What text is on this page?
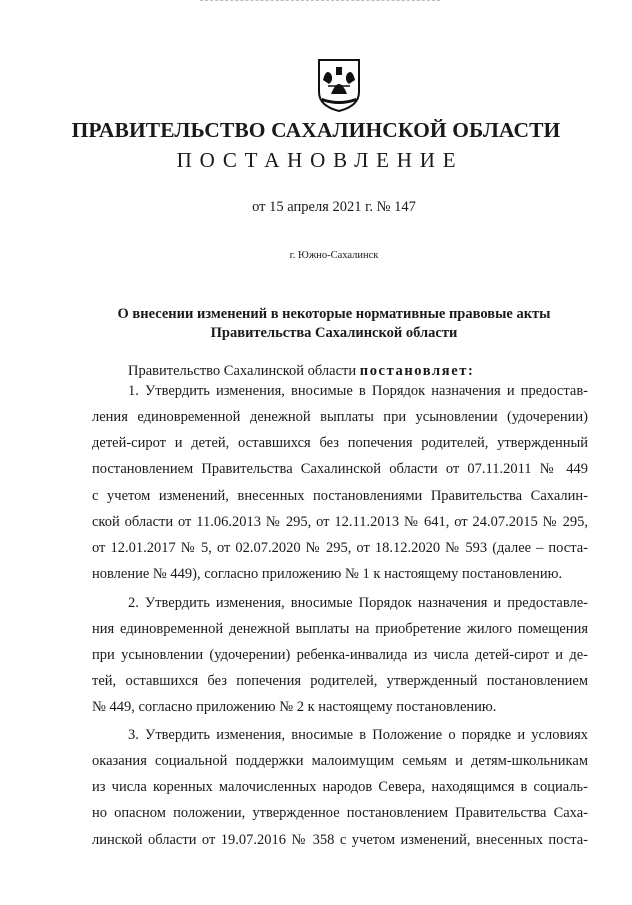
ПРАВИТЕЛЬСТВО САХАЛИНСКОЙ ОБЛАСТИ
ПОСТАНОВЛЕНИЕ
от 15 апреля 2021 г. № 147
г. Южно-Сахалинск
О внесении изменений в некоторые нормативные правовые акты
Правительства Сахалинской области
Правительство Сахалинской области постановляет:
1. Утвердить изменения, вносимые в Порядок назначения и предостав-
ления единовременной денежной выплаты при усыновлении (удочерении)
детей-сирот и детей, оставшихся без попечения родителей, утвержденный
постановлением Правительства Сахалинской области от 07.11.2011 № 449
с учетом изменений, внесенных постановлениями Правительства Сахалин-
ской области от 11.06.2013 № 295, от 12.11.2013 № 641, от 24.07.2015 № 295,
от 12.01.2017 № 5, от 02.07.2020 № 295, от 18.12.2020 № 593 (далее – поста-
новление № 449), согласно приложению № 1 к настоящему постановлению.
2. Утвердить изменения, вносимые Порядок назначения и предоставле-
ния единовременной денежной выплаты на приобретение жилого помещения
при усыновлении (удочерении) ребенка-инвалида из числа детей-сирот и де-
тей, оставшихся без попечения родителей, утвержденный постановлением
№ 449, согласно приложению № 2 к настоящему постановлению.
3. Утвердить изменения, вносимые в Положение о порядке и условиях
оказания социальной поддержки малоимущим семьям и детям-школьникам
из числа коренных малочисленных народов Севера, находящимся в социаль-
но опасном положении, утвержденное постановлением Правительства Саха-
линской области от 19.07.2016 № 358 с учетом изменений, внесенных поста-
